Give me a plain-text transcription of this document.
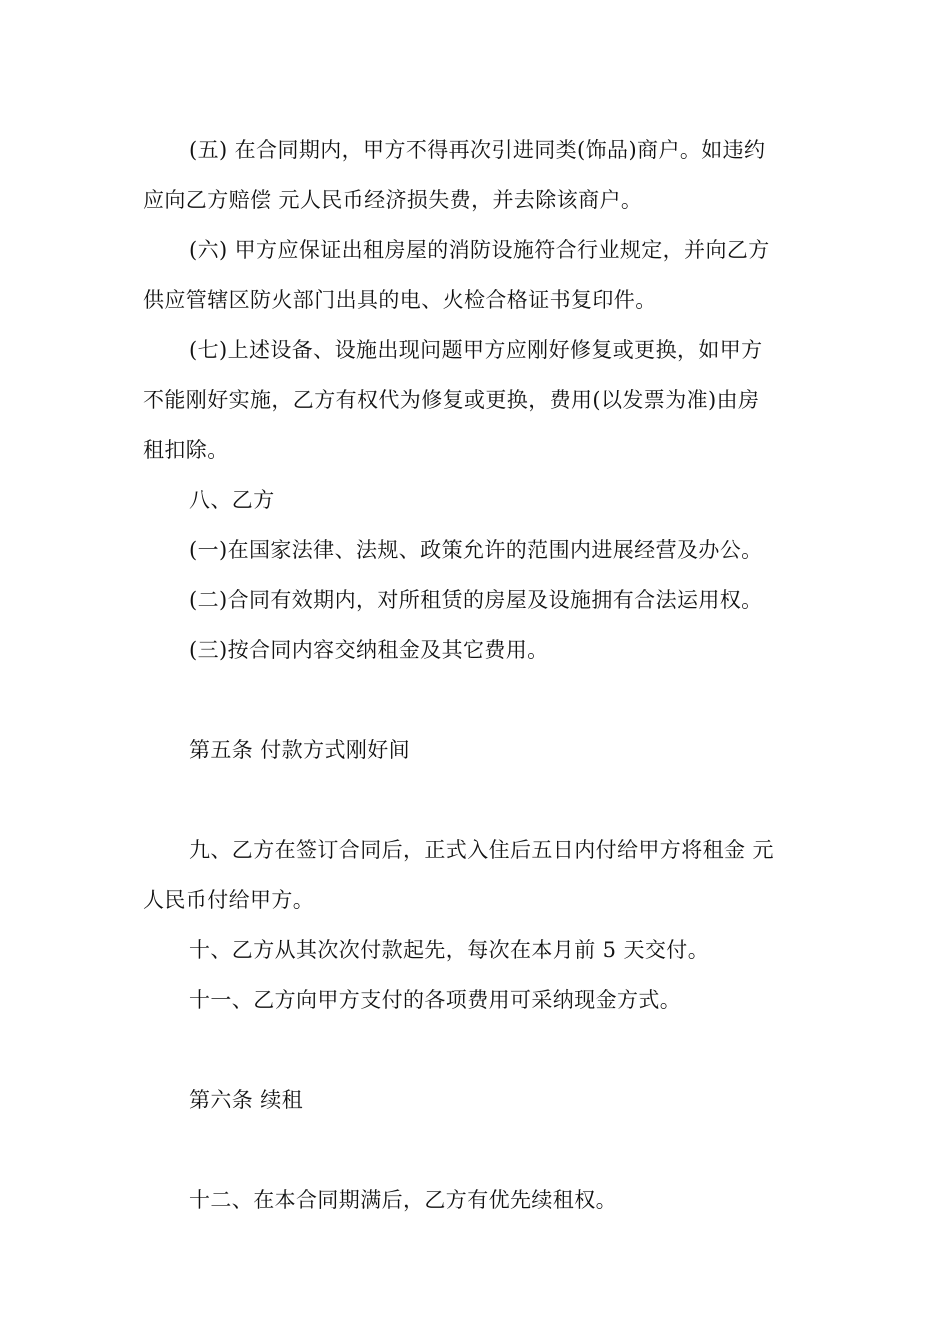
(五) 在合同期内，甲方不得再次引进同类(饰品)商户。如违约
应向乙方赔偿 元人民币经济损失费，并去除该商户。
(六) 甲方应保证出租房屋的消防设施符合行业规定，并向乙方
供应管辖区防火部门出具的电、火检合格证书复印件。
(七)上述设备、设施出现问题甲方应刚好修复或更换，如甲方
不能刚好实施，乙方有权代为修复或更换，费用(以发票为准)由房
租扣除。
八、乙方
(一)在国家法律、法规、政策允许的范围内进展经营及办公。
(二)合同有效期内，对所租赁的房屋及设施拥有合法运用权。
(三)按合同内容交纳租金及其它费用。
第五条 付款方式刚好间
九、乙方在签订合同后，正式入住后五日内付给甲方将租金 元
人民币付给甲方。
十、乙方从其次次付款起先，每次在本月前 5 天交付。
十一、乙方向甲方支付的各项费用可采纳现金方式。
第六条 续租
十二、在本合同期满后，乙方有优先续租权。
